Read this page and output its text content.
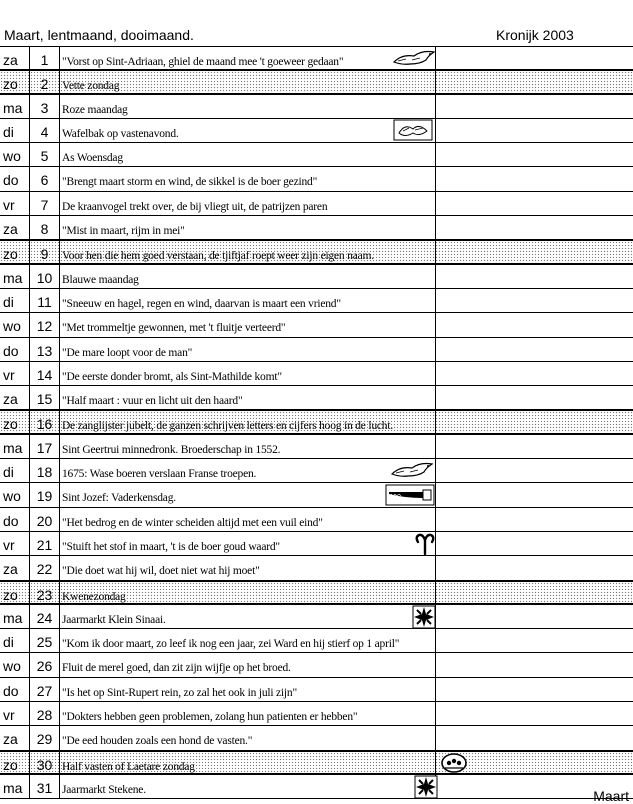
Maart, lentmaand, dooimaand.	Kronijk 2003
za	1	"Vorst op Sint-Adriaan, ghiel de maand mee 't goeweer gedaan"
zo	2	Vette zondag
ma	3	Roze maandag
di	4	Wafelbak op vastenavond.
wo	5	As Woensdag
do	6	"Brengt maart storm en wind, de sikkel is de boer gezind"
vr	7	De kraanvogel trekt over, de bij vliegt uit, de patrijzen paren
za	8	"Mist in maart, rijm in mei"
zo	9	Voor hen die hem goed verstaan, de tjiftjaf roept weer zijn eigen naam.
ma	10 Blauwe maandag
di	11 "Sneeuw en hagel, regen en wind, daarvan is maart een vriend"
wo	12 "Met trommeltje gewonnen, met 't fluitje verteerd"
do	13 "De mare loopt voor de man"
vr	14 "De eerste donder bromt, als Sint-Mathilde komt"
za	15 "Half maart : vuur en licht uit den haard"
zo	16 De zanglijster jubelt, de ganzen schrijven letters en cijfers hoog in de lucht.
ma	17 Sint Geertrui minnedronk. Broederschap in 1552.
di	18 1675: Wase boeren verslaan Franse troepen.
wo	19 Sint Jozef: Vaderkensdag.
do	20 "Het bedrog en de winter scheiden altijd met een vuil eind"
vr	21 "Stuift het stof in maart, 't is de boer goud waard"
za	22 "Die doet wat hij wil, doet niet wat hij moet"
zo	23 Kwenezondag
ma	24 Jaarmarkt Klein Sinaai.
di	25 "Kom ik door maart, zo leef ik nog een jaar, zei Ward en hij stierf op 1 april"
wo	26 Fluit de merel goed, dan zit zijn wijfje op het broed.
do	27 "Is het op Sint-Rupert rein, zo zal het ook in juli zijn"
vr	28 "Dokters hebben geen problemen, zolang hun patienten er hebben"
za	29 "De eed houden zoals een hond de vasten."
zo	30 Half vasten of Laetare zondag
ma	31 Jaarmarkt Stekene.	Maart
